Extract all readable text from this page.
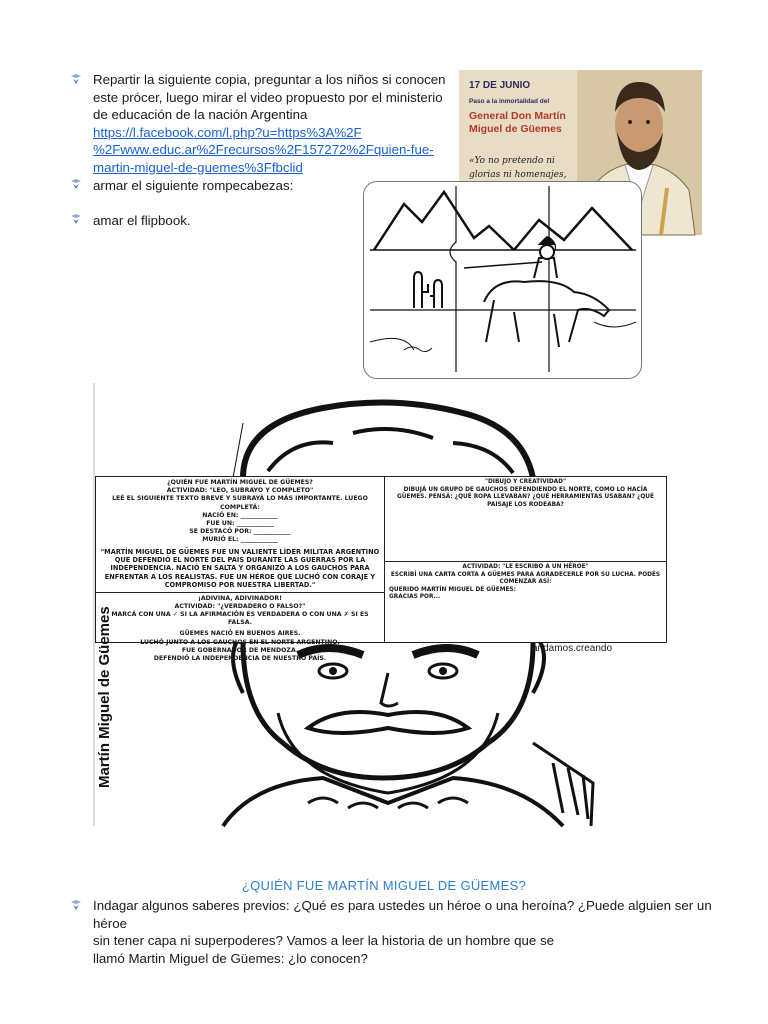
Repartir la siguiente copia, preguntar a los niños si conocen
este prócer, luego mirar el video propuesto por el ministerio
de educación de la nación Argentina
https://l.facebook.com/l.php?u=https%3A%2F
%2Fwww.educ.ar%2Frecursos%2F157272%2Fquien-fue-
martin-miguel-de-guemes%3Ffbclid
armar el siguiente rompecabezas:
amar el flipbook.
17 DE JUNIO
Paso a la inmortalidad del
General Don Martín Miguel de Güemes
«Yo no pretendo ni glorias ni homenajes,
¿QUIÉN FUE MARTÍN MIGUEL DE GÜEMES?
ACTIVIDAD: "LEO, SUBRAYO Y COMPLETO"
LEÉ EL SIGUIENTE TEXTO BREVE Y SUBRAYÁ LO MÁS IMPORTANTE. LUEGO COMPLETÁ:
NACIÓ EN: ____________
FUE UN: ____________
SE DESTACÓ POR: ____________
MURIÓ EL: ____________
"MARTÍN MIGUEL DE GÜEMES FUE UN VALIENTE LÍDER MILITAR ARGENTINO QUE DEFENDIÓ EL NORTE DEL PAÍS DURANTE LAS GUERRAS POR LA INDEPENDENCIA. NACIÓ EN SALTA Y ORGANIZÓ A LOS GAUCHOS PARA ENFRENTAR A LOS REALISTAS. FUE UN HÉROE QUE LUCHÓ CON CORAJE Y COMPROMISO POR NUESTRA LIBERTAD."
¡ADIVINA, ADIVINADOR!
ACTIVIDAD: "¿VERDADERO O FALSO?"
MARCÁ CON UNA ✓ SI LA AFIRMACIÓN ES VERDADERA O CON UNA ✗ SI ES FALSA.
GÜEMES NACIÓ EN BUENOS AIRES.
LUCHÓ JUNTO A LOS GAUCHOS EN EL NORTE ARGENTINO.
FUE GOBERNADOR DE MENDOZA.
DEFENDIÓ LA INDEPENDENCIA DE NUESTRO PAÍS.
"DIBUJO Y CREATIVIDAD"
DIBUJÁ UN GRUPO DE GAUCHOS DEFENDIENDO EL NORTE, COMO LO HACÍA GÜEMES. PENSÁ: ¿QUÉ ROPA LLEVABAN? ¿QUÉ HERRAMIENTAS USABAN? ¿QUÉ PAISAJE LOS RODEABA?
ACTIVIDAD: "LE ESCRIBO A UN HÉROE"
ESCRIBÍ UNA CARTA CORTA A GÜEMES PARA AGRADECERLE POR SU LUCHA. PODÉS COMENZAR ASÍ:
QUERIDO MARTÍN MIGUEL DE GÜEMES:
GRACIAS POR...
andamos.creando
Martín Miguel de Güemes
¿QUIÉN FUE MARTÍN MIGUEL DE GÜEMES?
Indagar algunos saberes previos: ¿Qué es para ustedes un héroe o una heroína? ¿Puede alguien ser un héroe
sin tener capa ni superpoderes? Vamos a leer la historia de un hombre que se
llamó Martin Miguel de Güemes: ¿lo conocen?
